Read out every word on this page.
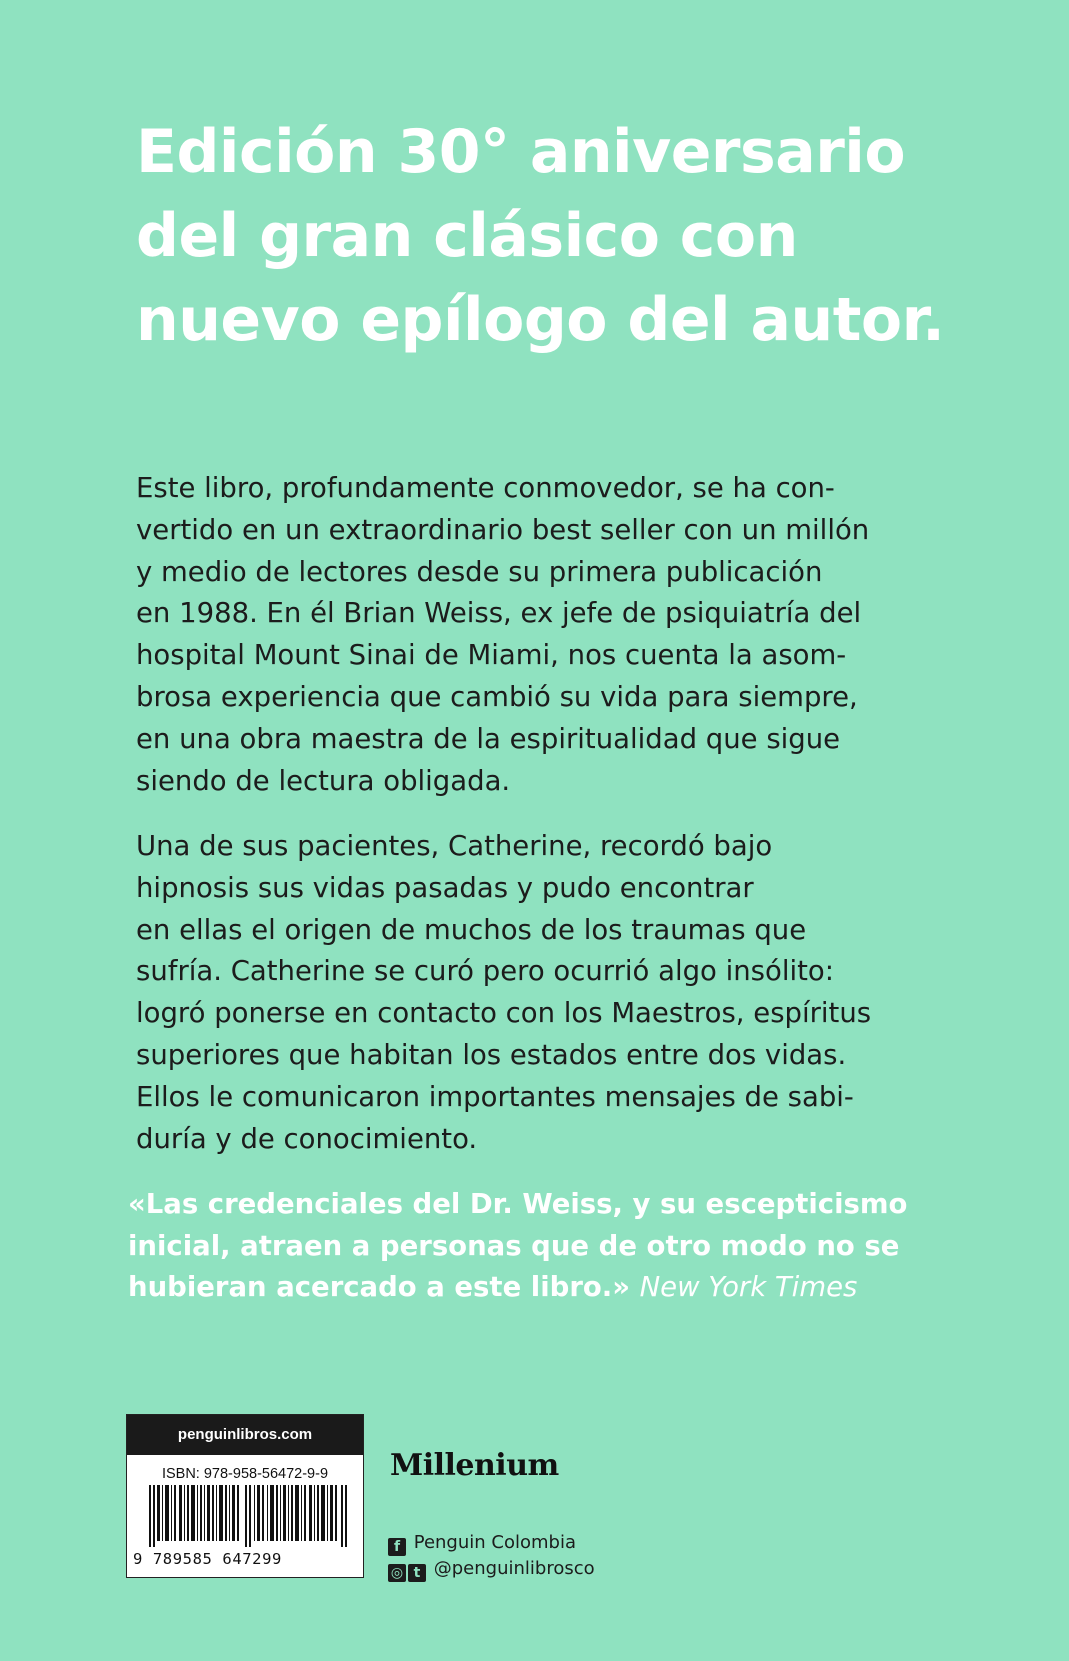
Edición 30° aniversario
del gran clásico con
nuevo epílogo del autor.

Este libro, profundamente conmovedor, se ha con-
vertido en un extraordinario best seller con un millón
y medio de lectores desde su primera publicación
en 1988. En él Brian Weiss, ex jefe de psiquiatría del
hospital Mount Sinai de Miami, nos cuenta la asom-
brosa experiencia que cambió su vida para siempre,
en una obra maestra de la espiritualidad que sigue
siendo de lectura obligada.

Una de sus pacientes, Catherine, recordó bajo
hipnosis sus vidas pasadas y pudo encontrar
en ellas el origen de muchos de los traumas que
sufría. Catherine se curó pero ocurrió algo insólito:
logró ponerse en contacto con los Maestros, espíritus
superiores que habitan los estados entre dos vidas.
Ellos le comunicaron importantes mensajes de sabi-
duría y de conocimiento.

«Las credenciales del Dr. Weiss, y su escepticismo
inicial, atraen a personas que de otro modo no se
hubieran acercado a este libro.» New York Times

penguinlibros.com
ISBN: 978-958-56472-9-9
9 789585 647299
Millenium
f Penguin Colombia
◎ t @penguinlibrosco
